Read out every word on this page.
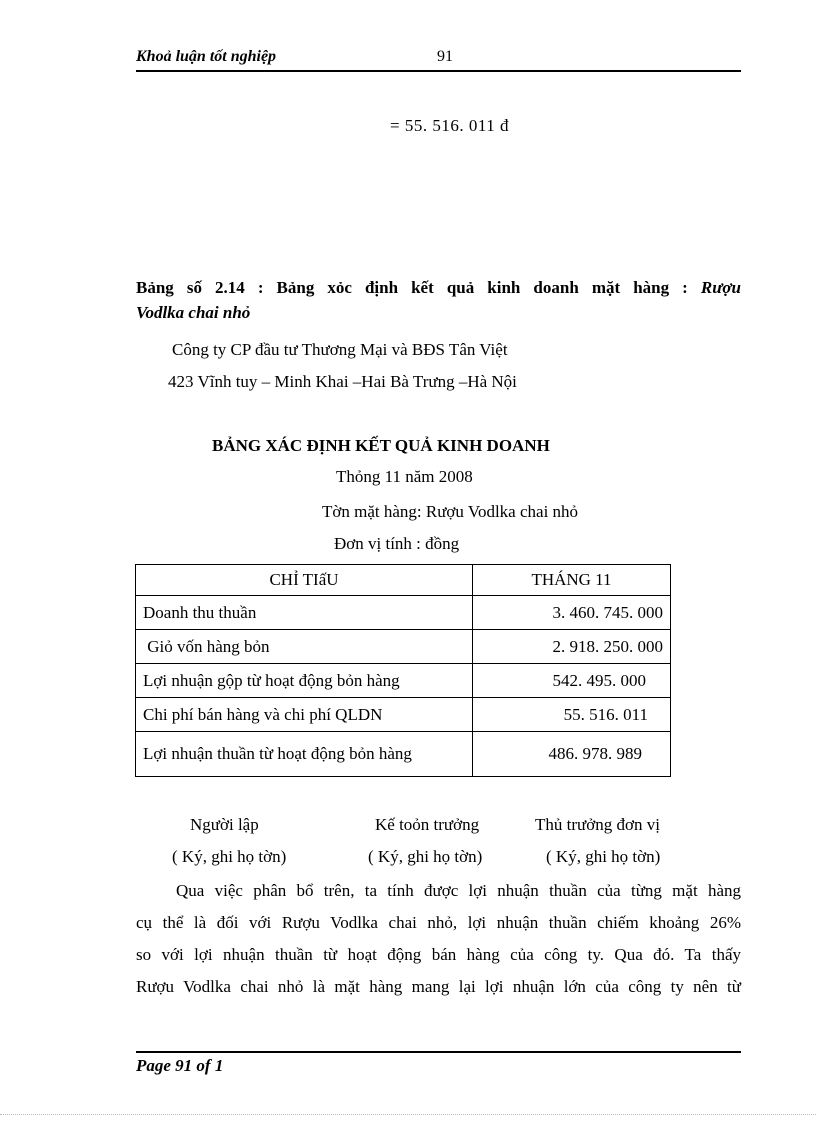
Khoả luận tốt nghiệp	91
= 55. 516. 011 đ
Bảng số 2.14 : Bảng xỏc định kết quả kinh doanh mặt hàng : Rượu
Vodlka chai nhỏ
Công ty CP đầu tư Thương Mại và BĐS Tân Việt
423 Vĩnh tuy – Minh Khai –Hai Bà Trưng –Hà Nội
BẢNG XÁC ĐỊNH KẾT QUẢ KINH DOANH
Thỏng 11 năm 2008
Tờn mặt hàng: Rượu Vodlka chai nhỏ
Đơn vị tính : đồng
CHỈ TIấU	THÁNG 11
Doanh thu thuần	3. 460. 745. 000
Giỏ vốn hàng bỏn	2. 918. 250. 000
Lợi nhuận gộp từ hoạt động bỏn hàng	542. 495. 000
Chi phí bán hàng và chi phí QLDN	55. 516. 011
Lợi nhuận thuần từ hoạt động bỏn hàng	486. 978. 989
Người lập	Kế toỏn trưởng	Thủ trưởng đơn vị
( Ký, ghi họ tờn)	( Ký, ghi họ tờn)	( Ký, ghi họ tờn)
Qua việc phân bổ trên, ta tính được lợi nhuận thuần của từng mặt hàng
cụ thể là đối với Rượu Vodlka chai nhỏ, lợi nhuận thuần chiếm khoảng 26%
so với lợi nhuận thuần từ hoạt động bán hàng của công ty. Qua đó. Ta thấy
Rượu Vodlka chai nhỏ là mặt hàng mang lại lợi nhuận lớn của công ty nên từ
Page 91 of 1
